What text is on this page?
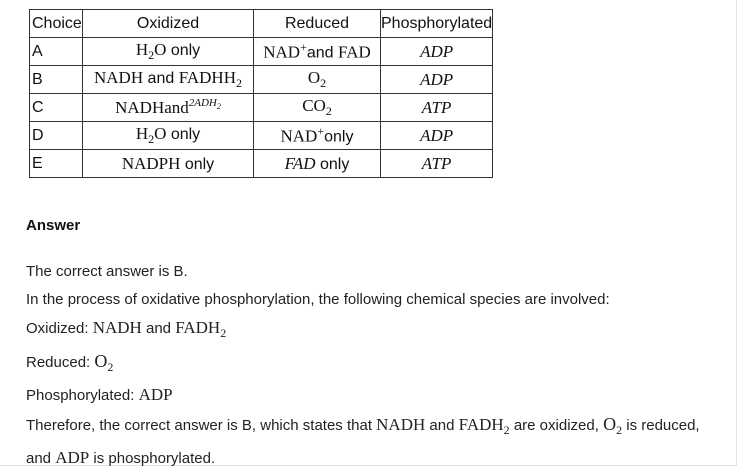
Choice	Oxidized	Reduced	Phosphorylated
A	$H_2O$ only	NAD+and FAD	ADP
B	NADH and $FADHH_2$	$O_2$	ADP
C	NADHand$^{2ADH_2}$	$CO_2$	ATP
D	$H_2O$ only	NAD+only	ADP
E	NADPH only	FAD only	ATP
Answer
The correct answer is B.
In the process of oxidative phosphorylation, the following chemical species are involved:
Oxidized: NADH and $FADH_2$
Reduced: $O_2$
Phosphorylated: ADP
Therefore, the correct answer is B, which states that NADH and $FADH_2$ are oxidized, $O_2$ is reduced, and ADP is phosphorylated.
